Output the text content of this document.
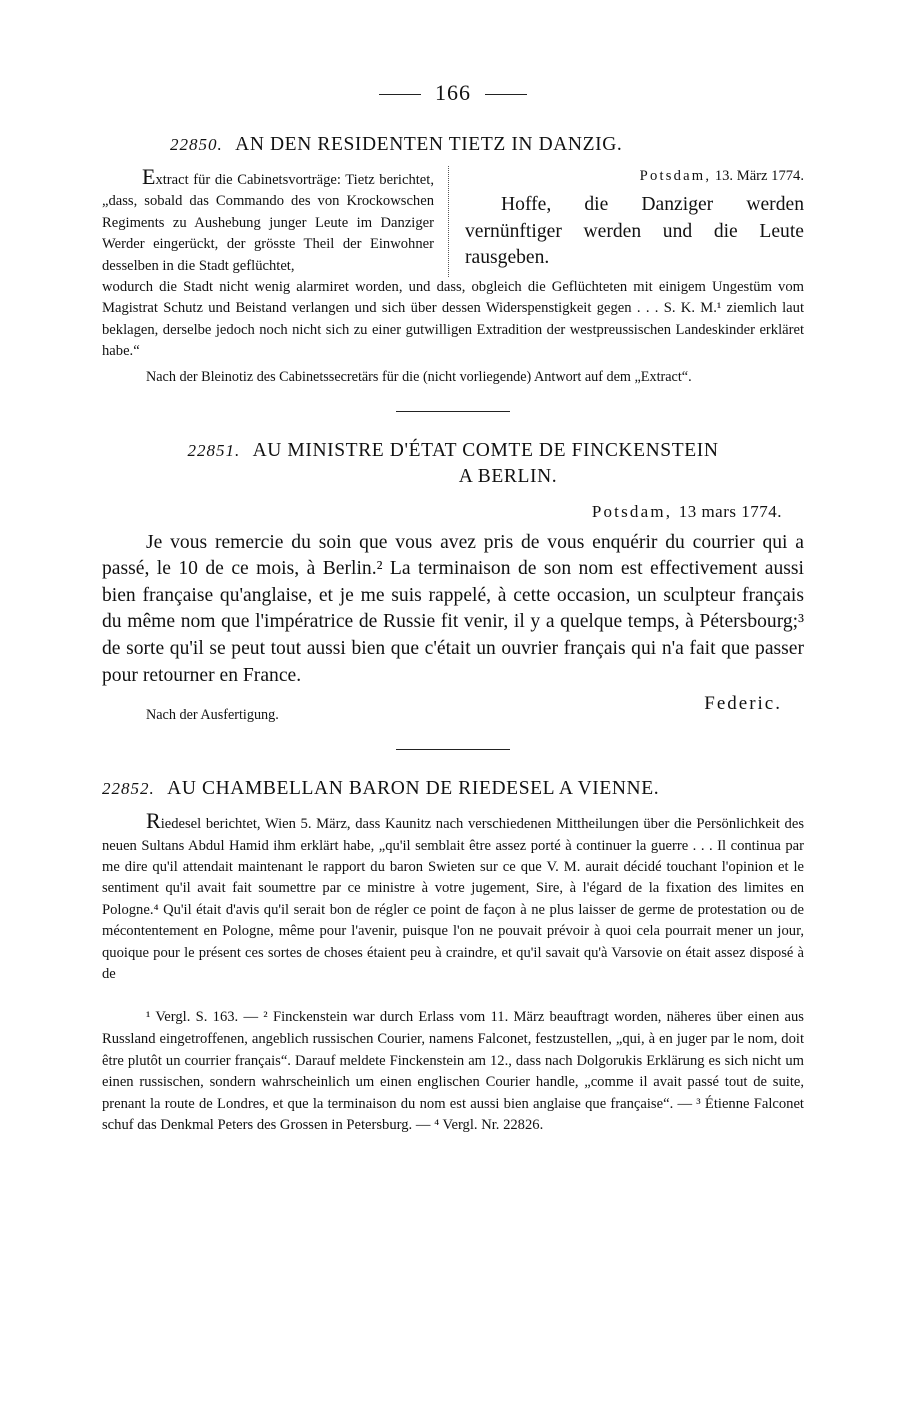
166
22850. AN DEN RESIDENTEN TIETZ IN DANZIG.
Extract für die Cabinetsvorträge: Tietz berichtet, „dass, sobald das Commando des von Krockowschen Regiments zu Aushebung junger Leute im Danziger Werder eingerückt, der grösste Theil der Einwohner desselben in die Stadt geflüchtet,
Potsdam, 13. März 1774.
Hoffe, die Danziger werden vernünftiger werden und die Leute rausgeben.
wodurch die Stadt nicht wenig alarmiret worden, und dass, obgleich die Geflüchteten mit einigem Ungestüm vom Magistrat Schutz und Beistand verlangen und sich über dessen Widerspenstigkeit gegen . . . S. K. M.¹ ziemlich laut beklagen, derselbe jedoch noch nicht sich zu einer gutwilligen Extradition der westpreussischen Landeskinder erkläret habe.“
Nach der Bleinotiz des Cabinetssecretärs für die (nicht vorliegende) Antwort auf dem „Extract“.
22851. AU MINISTRE D'ÉTAT COMTE DE FINCKENSTEIN
A BERLIN.
Potsdam, 13 mars 1774.
Je vous remercie du soin que vous avez pris de vous enquérir du courrier qui a passé, le 10 de ce mois, à Berlin.² La terminaison de son nom est effectivement aussi bien française qu'anglaise, et je me suis rappelé, à cette occasion, un sculpteur français du même nom que l'impératrice de Russie fit venir, il y a quelque temps, à Pétersbourg;³ de sorte qu'il se peut tout aussi bien que c'était un ouvrier français qui n'a fait que passer pour retourner en France.
Federic.
Nach der Ausfertigung.
22852. AU CHAMBELLAN BARON DE RIEDESEL A VIENNE.
Riedesel berichtet, Wien 5. März, dass Kaunitz nach verschiedenen Mittheilungen über die Persönlichkeit des neuen Sultans Abdul Hamid ihm erklärt habe, „qu'il semblait être assez porté à continuer la guerre . . . Il continua par me dire qu'il attendait maintenant le rapport du baron Swieten sur ce que V. M. aurait décidé touchant l'opinion et le sentiment qu'il avait fait soumettre par ce ministre à votre jugement, Sire, à l'égard de la fixation des limites en Pologne.⁴ Qu'il était d'avis qu'il serait bon de régler ce point de façon à ne plus laisser de germe de protestation ou de mécontentement en Pologne, même pour l'avenir, puisque l'on ne pouvait prévoir à quoi cela pourrait mener un jour, quoique pour le présent ces sortes de choses étaient peu à craindre, et qu'il savait qu'à Varsovie on était assez disposé à de
¹ Vergl. S. 163. — ² Finckenstein war durch Erlass vom 11. März beauftragt worden, näheres über einen aus Russland eingetroffenen, angeblich russischen Courier, namens Falconet, festzustellen, „qui, à en juger par le nom, doit être plutôt un courrier français“. Darauf meldete Finckenstein am 12., dass nach Dolgorukis Erklärung es sich nicht um einen russischen, sondern wahrscheinlich um einen englischen Courier handle, „comme il avait passé tout de suite, prenant la route de Londres, et que la terminaison du nom est aussi bien anglaise que française“. — ³ Étienne Falconet schuf das Denkmal Peters des Grossen in Petersburg. — ⁴ Vergl. Nr. 22826.
